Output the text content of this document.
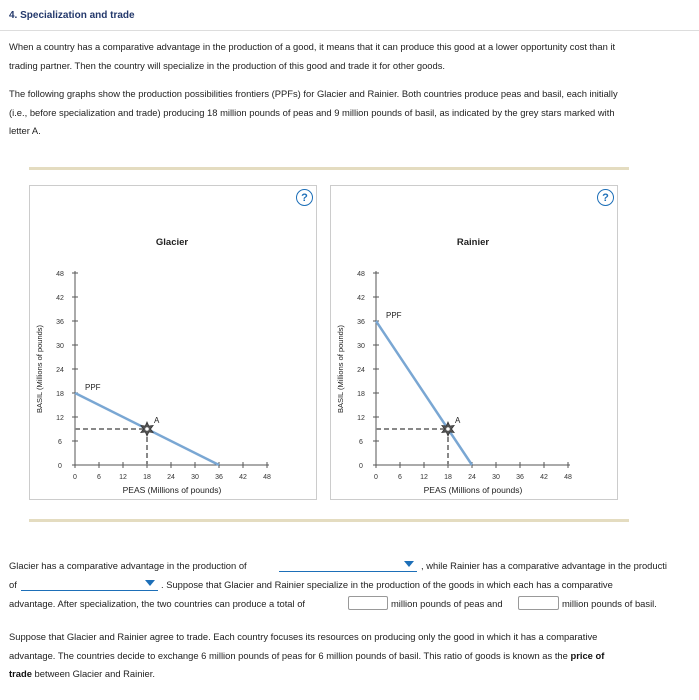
4. Specialization and trade
When a country has a comparative advantage in the production of a good, it means that it can produce this good at a lower opportunity cost than it
trading partner. Then the country will specialize in the production of this good and trade it for other goods.
The following graphs show the production possibilities frontiers (PPFs) for Glacier and Rainier. Both countries produce peas and basil, each initially
(i.e., before specialization and trade) producing 18 million pounds of peas and 9 million pounds of basil, as indicated by the grey stars marked with
letter A.
?
Glacier
0
6
12
18
24
30
36
42
48
0	6	12 18 24 30 36 42 48
PEAS (Millions of pounds)
BASIL (Millions of pounds)	PPF
A
?
Rainier
0
6
12
18
24
30
36
42
48
0	6	12 18 24 30 36 42 48
PEAS (Millions of pounds)
BASIL (Millions of pounds)
PPF
A
Glacier has a comparative advantage in the production of	, while Rainier has a comparative advantage in the producti
of	. Suppose that Glacier and Rainier specialize in the production of the goods in which each has a comparative
advantage. After specialization, the two countries can produce a total of	million pounds of peas and	million pounds of basil.
Suppose that Glacier and Rainier agree to trade. Each country focuses its resources on producing only the good in which it has a comparative
advantage. The countries decide to exchange 6 million pounds of peas for 6 million pounds of basil. This ratio of goods is known as the price of
trade between Glacier and Rainier.
